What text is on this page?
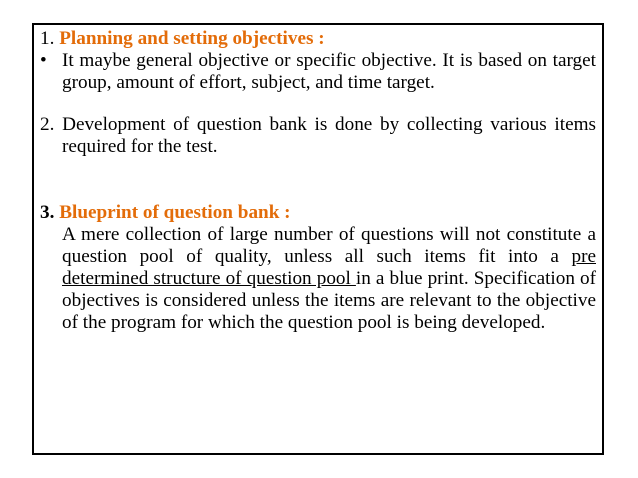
1. Planning and setting objectives :

• It maybe general objective or specific objective. It is based on target group, amount of effort, subject, and time target.

2. Development of question bank is done by collecting various items required for the test.

3. Blueprint of question bank :

A mere collection of large number of questions will not constitute a question pool of quality, unless all such items fit into a pre determined structure of question pool in a blue print. Specification of objectives is considered unless the items are relevant to the objective of the program for which the question pool is being developed.
